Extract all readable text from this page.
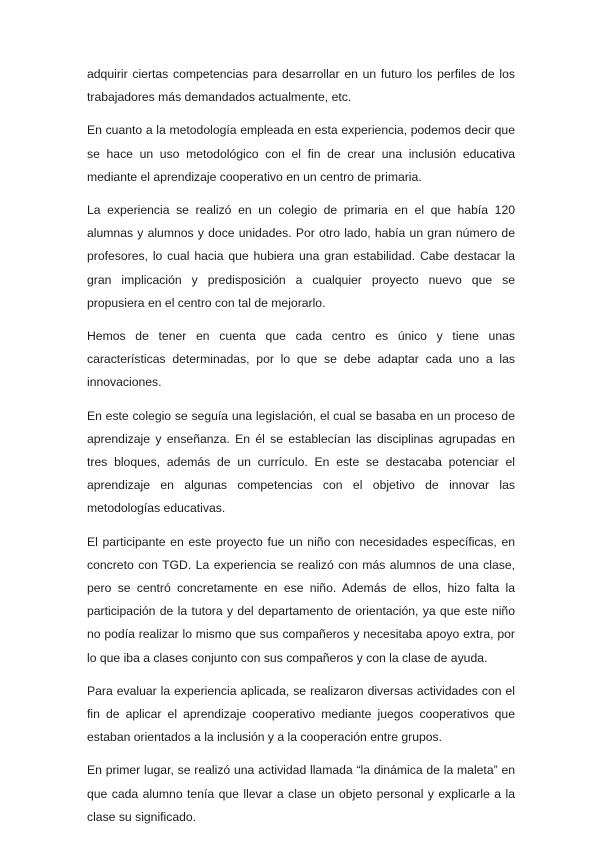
adquirir ciertas competencias para desarrollar en un futuro los perfiles de los trabajadores más demandados actualmente, etc.

En cuanto a la metodología empleada en esta experiencia, podemos decir que se hace un uso metodológico con el fin de crear una inclusión educativa mediante el aprendizaje cooperativo en un centro de primaria.

La experiencia se realizó en un colegio de primaria en el que había 120 alumnas y alumnos y doce unidades. Por otro lado, había un gran número de profesores, lo cual hacia que hubiera una gran estabilidad. Cabe destacar la gran implicación y predisposición a cualquier proyecto nuevo que se propusiera en el centro con tal de mejorarlo.

Hemos de tener en cuenta que cada centro es único y tiene unas características determinadas, por lo que se debe adaptar cada uno a las innovaciones.

En este colegio se seguía una legislación, el cual se basaba en un proceso de aprendizaje y enseñanza. En él se establecían las disciplinas agrupadas en tres bloques, además de un currículo. En este se destacaba potenciar el aprendizaje en algunas competencias con el objetivo de innovar las metodologías educativas.

El participante en este proyecto fue un niño con necesidades específicas, en concreto con TGD. La experiencia se realizó con más alumnos de una clase, pero se centró concretamente en ese niño. Además de ellos, hizo falta la participación de la tutora y del departamento de orientación, ya que este niño no podía realizar lo mismo que sus compañeros y necesitaba apoyo extra, por lo que iba a clases conjunto con sus compañeros y con la clase de ayuda.

Para evaluar la experiencia aplicada, se realizaron diversas actividades con el fin de aplicar el aprendizaje cooperativo mediante juegos cooperativos que estaban orientados a la inclusión y a la cooperación entre grupos.

En primer lugar, se realizó una actividad llamada “la dinámica de la maleta” en que cada alumno tenía que llevar a clase un objeto personal y explicarle a la clase su significado.
